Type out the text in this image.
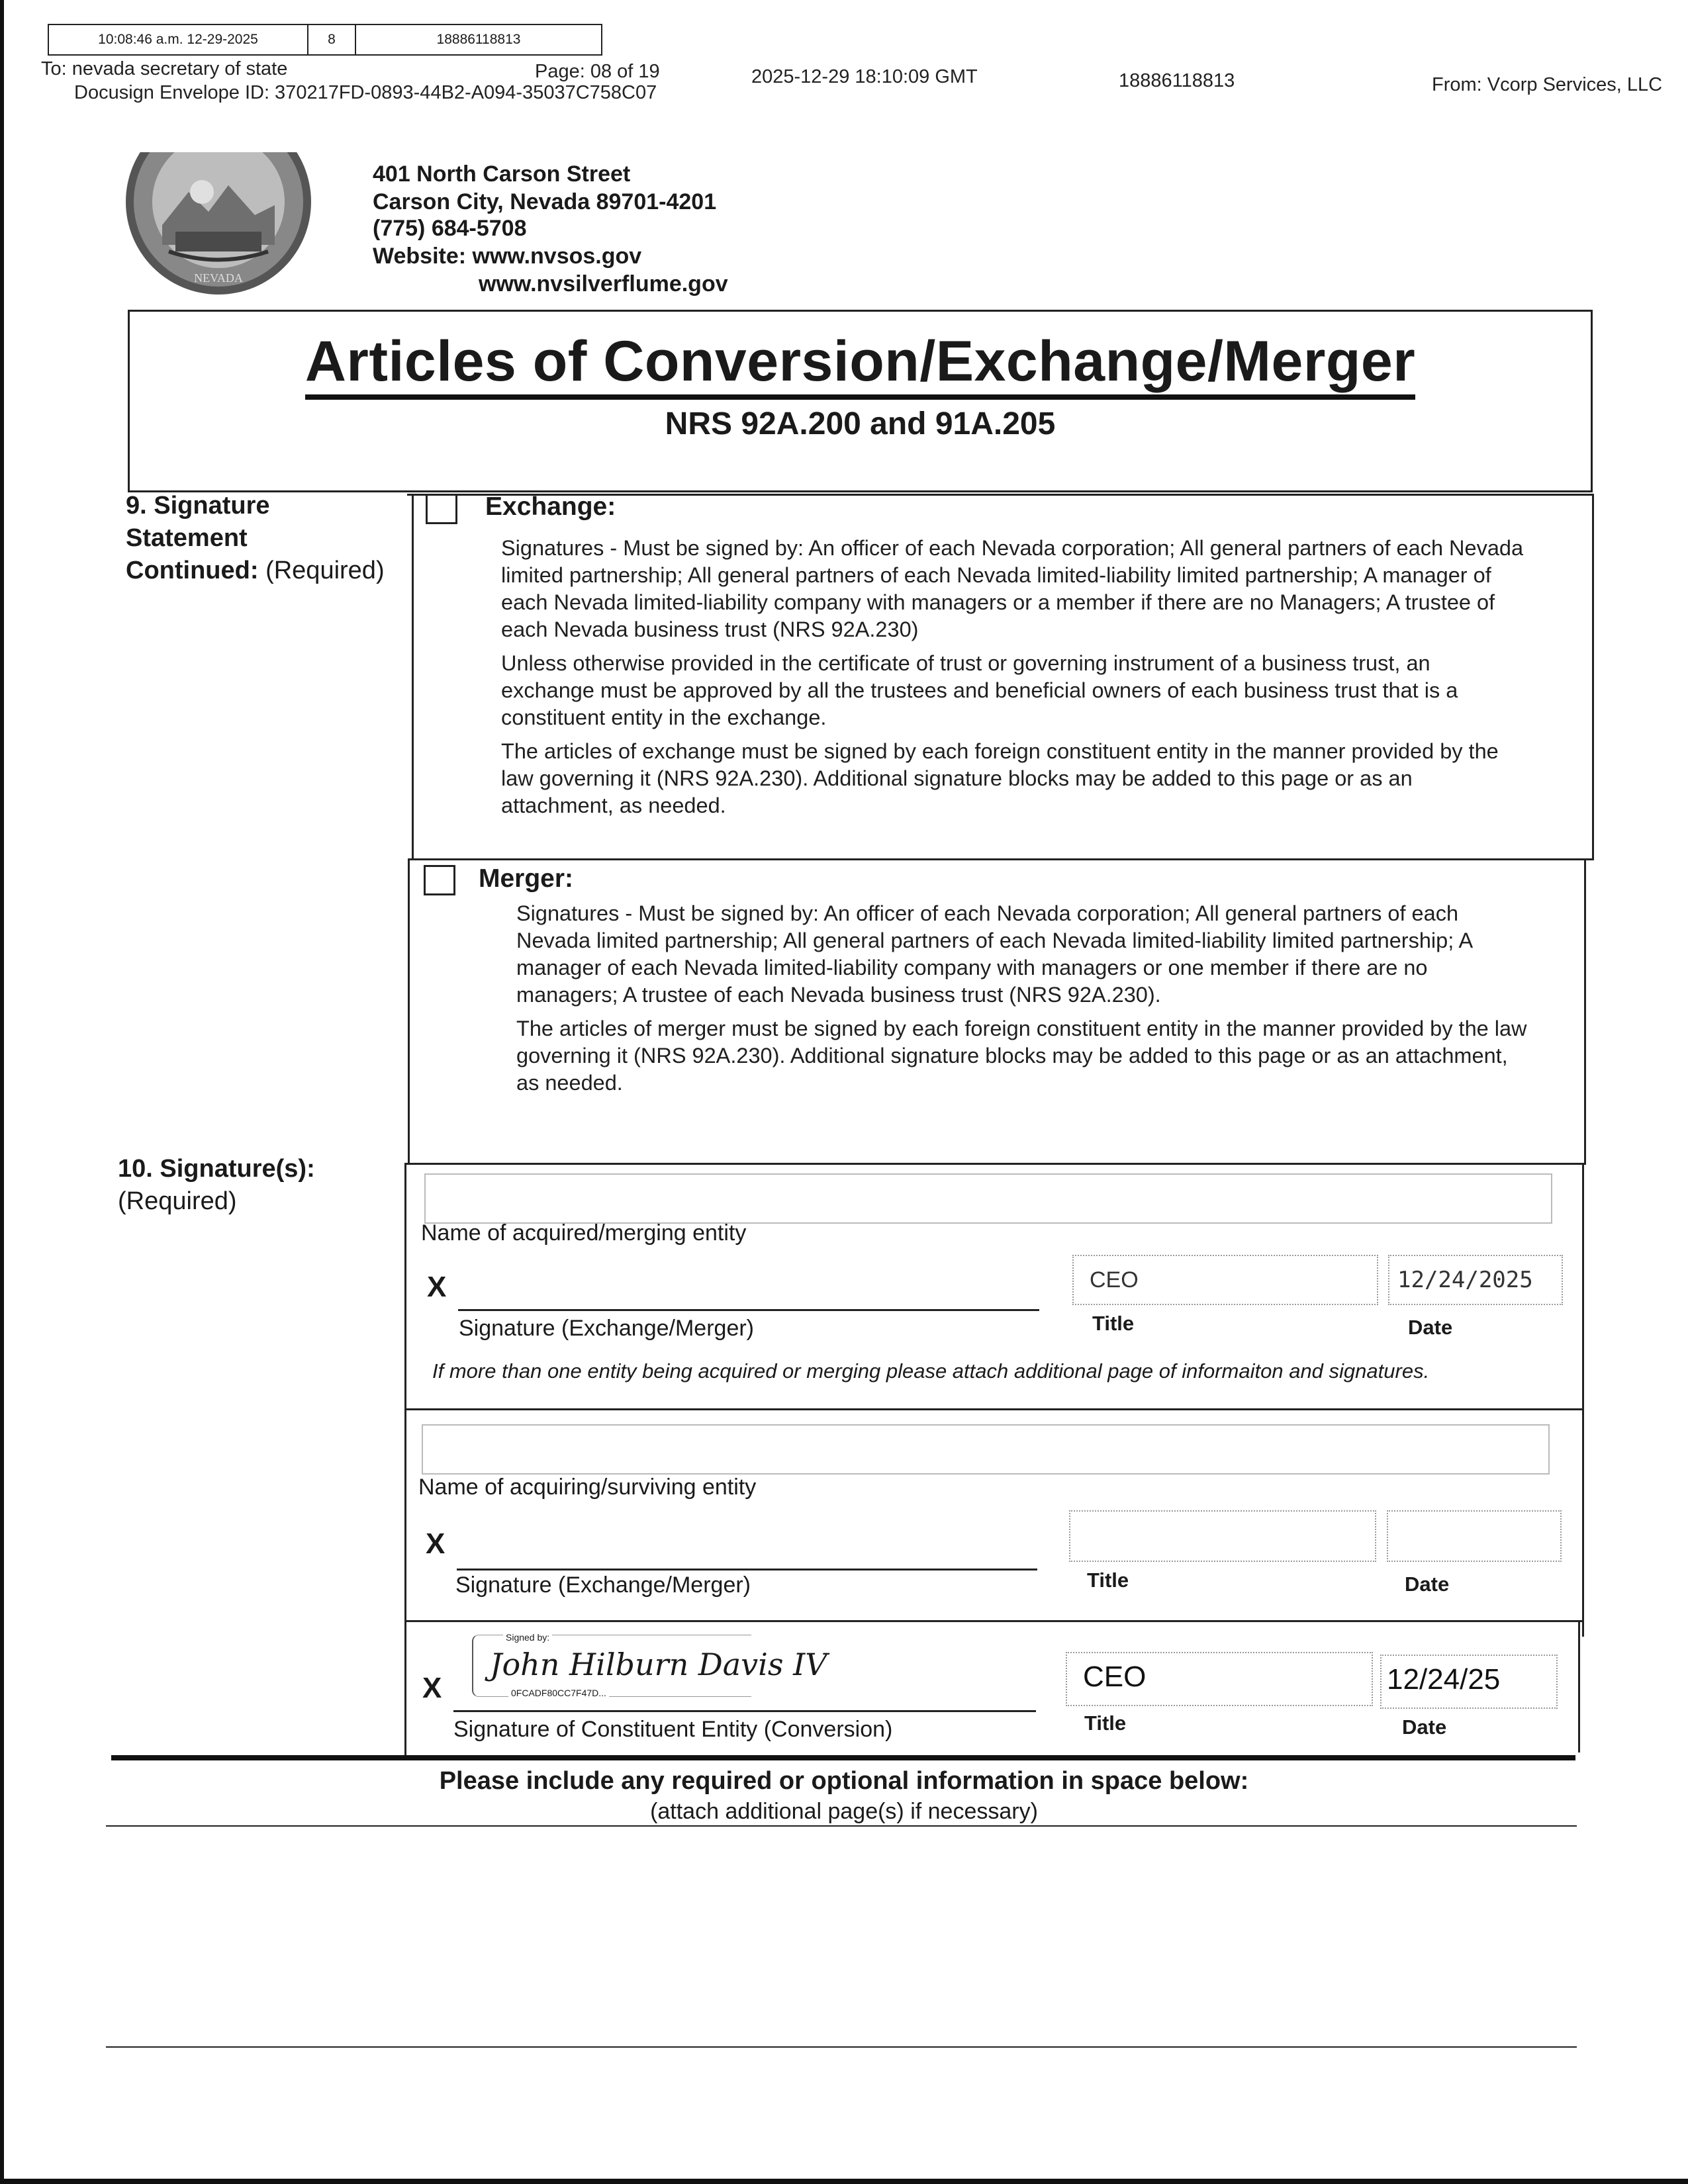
10:08:46 a.m. 12-29-2025	8	18886118813
To: nevada secretary of state	Page: 08 of 19	2025-12-29 18:10:09 GMT	18886118813	From: Vcorp Services, LLC
Docusign Envelope ID: 370217FD-0893-44B2-A094-35037C758C07
NEVADA
401 North Carson Street
Carson City, Nevada 89701-4201
(775) 684-5708
Website: www.nvsos.gov
www.nvsilverflume.gov
Articles of Conversion/Exchange/Merger
NRS 92A.200 and 91A.205
9. Signature
Statement
Continued: (Required)
Exchange:

Signatures - Must be signed by: An officer of each Nevada corporation; All general partners of each Nevada limited partnership; All general partners of each Nevada limited-liability limited partnership; A manager of each Nevada limited-liability company with managers or a member if there are no Managers; A trustee of each Nevada business trust (NRS 92A.230)

Unless otherwise provided in the certificate of trust or governing instrument of a business trust, an exchange must be approved by all the trustees and beneficial owners of each business trust that is a constituent entity in the exchange.

The articles of exchange must be signed by each foreign constituent entity in the manner provided by the law governing it (NRS 92A.230). Additional signature blocks may be added to this page or as an attachment, as needed.

Merger:

Signatures - Must be signed by: An officer of each Nevada corporation; All general partners of each Nevada limited partnership; All general partners of each Nevada limited-liability limited partnership; A manager of each Nevada limited-liability company with managers or one member if there are no managers; A trustee of each Nevada business trust (NRS 92A.230).

The articles of merger must be signed by each foreign constituent entity in the manner provided by the law governing it (NRS 92A.230). Additional signature blocks may be added to this page or as an attachment, as needed.

10. Signature(s):
(Required)
Name of acquired/merging entity
X
Signature (Exchange/Merger)
CEO
Title
12/24/2025
Date
If more than one entity being acquired or merging please attach additional page of informaiton and signatures.
Name of acquiring/surviving entity
X
Signature (Exchange/Merger)	Title	Date
X
Signed by:
John Hilburn Davis IV
0FCADF80CC7F47D...
Signature of Constituent Entity (Conversion)
CEO
Title
12/24/25
Date
Please include any required or optional information in space below:
(attach additional page(s) if necessary)
